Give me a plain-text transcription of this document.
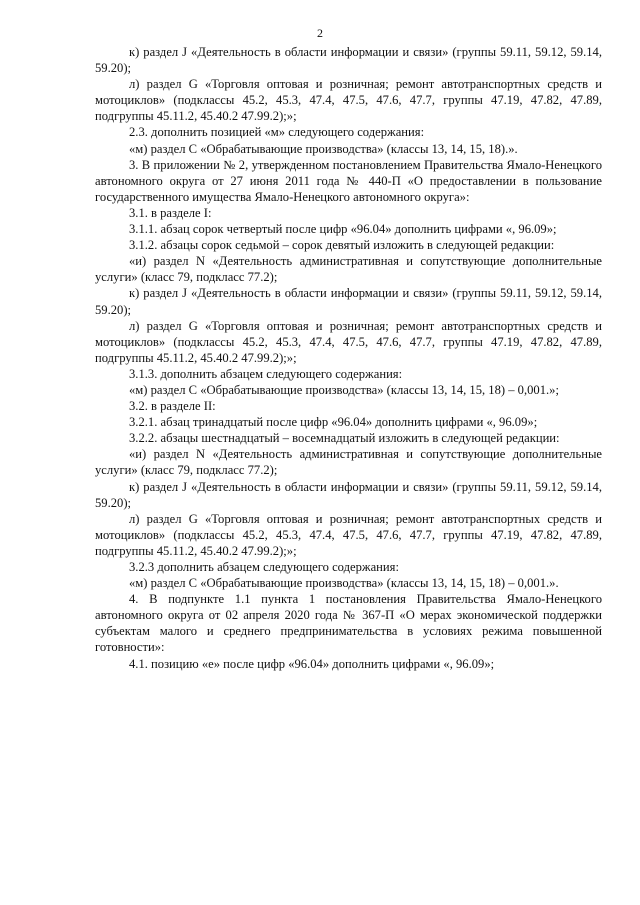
2

к) раздел J «Деятельность в области информации и связи» (группы 59.11, 59.12, 59.14, 59.20);

л) раздел G «Торговля оптовая и розничная; ремонт автотранспортных средств и мотоциклов» (подклассы 45.2, 45.3, 47.4, 47.5, 47.6, 47.7, группы 47.19, 47.82, 47.89, подгруппы 45.11.2, 45.40.2 47.99.2);»;

2.3. дополнить позицией «м» следующего содержания:

«м) раздел C «Обрабатывающие производства» (классы 13, 14, 15, 18).».

3. В приложении № 2, утвержденном постановлением Правительства Ямало-Ненецкого автономного округа от 27 июня 2011 года № 440-П «О предоставлении в пользование государственного имущества Ямало-Ненецкого автономного округа»:

3.1. в разделе I:

3.1.1. абзац сорок четвертый после цифр «96.04» дополнить цифрами «, 96.09»;

3.1.2. абзацы сорок седьмой – сорок девятый изложить в следующей редакции:

«и) раздел N «Деятельность административная и сопутствующие дополнительные услуги» (класс 79, подкласс 77.2);

к) раздел J «Деятельность в области информации и связи» (группы 59.11, 59.12, 59.14, 59.20);

л) раздел G «Торговля оптовая и розничная; ремонт автотранспортных средств и мотоциклов» (подклассы 45.2, 45.3, 47.4, 47.5, 47.6, 47.7, группы 47.19, 47.82, 47.89, подгруппы 45.11.2, 45.40.2 47.99.2);»;

3.1.3. дополнить абзацем следующего содержания:

«м) раздел C «Обрабатывающие производства» (классы 13, 14, 15, 18) – 0,001.»;

3.2. в разделе II:

3.2.1. абзац тринадцатый после цифр «96.04» дополнить цифрами «, 96.09»;

3.2.2. абзацы шестнадцатый – восемнадцатый изложить в следующей редакции:

«и) раздел N «Деятельность административная и сопутствующие дополнительные услуги» (класс 79, подкласс 77.2);

к) раздел J «Деятельность в области информации и связи» (группы 59.11, 59.12, 59.14, 59.20);

л) раздел G «Торговля оптовая и розничная; ремонт автотранспортных средств и мотоциклов» (подклассы 45.2, 45.3, 47.4, 47.5, 47.6, 47.7, группы 47.19, 47.82, 47.89, подгруппы 45.11.2, 45.40.2 47.99.2);»;

3.2.3 дополнить абзацем следующего содержания:

«м) раздел C «Обрабатывающие производства» (классы 13, 14, 15, 18) – 0,001.».

4. В подпункте 1.1 пункта 1 постановления Правительства Ямало-Ненецкого автономного округа от 02 апреля 2020 года № 367-П «О мерах экономической поддержки субъектам малого и среднего предпринимательства в условиях режима повышенной готовности»:

4.1. позицию «е» после цифр «96.04» дополнить цифрами «, 96.09»;
